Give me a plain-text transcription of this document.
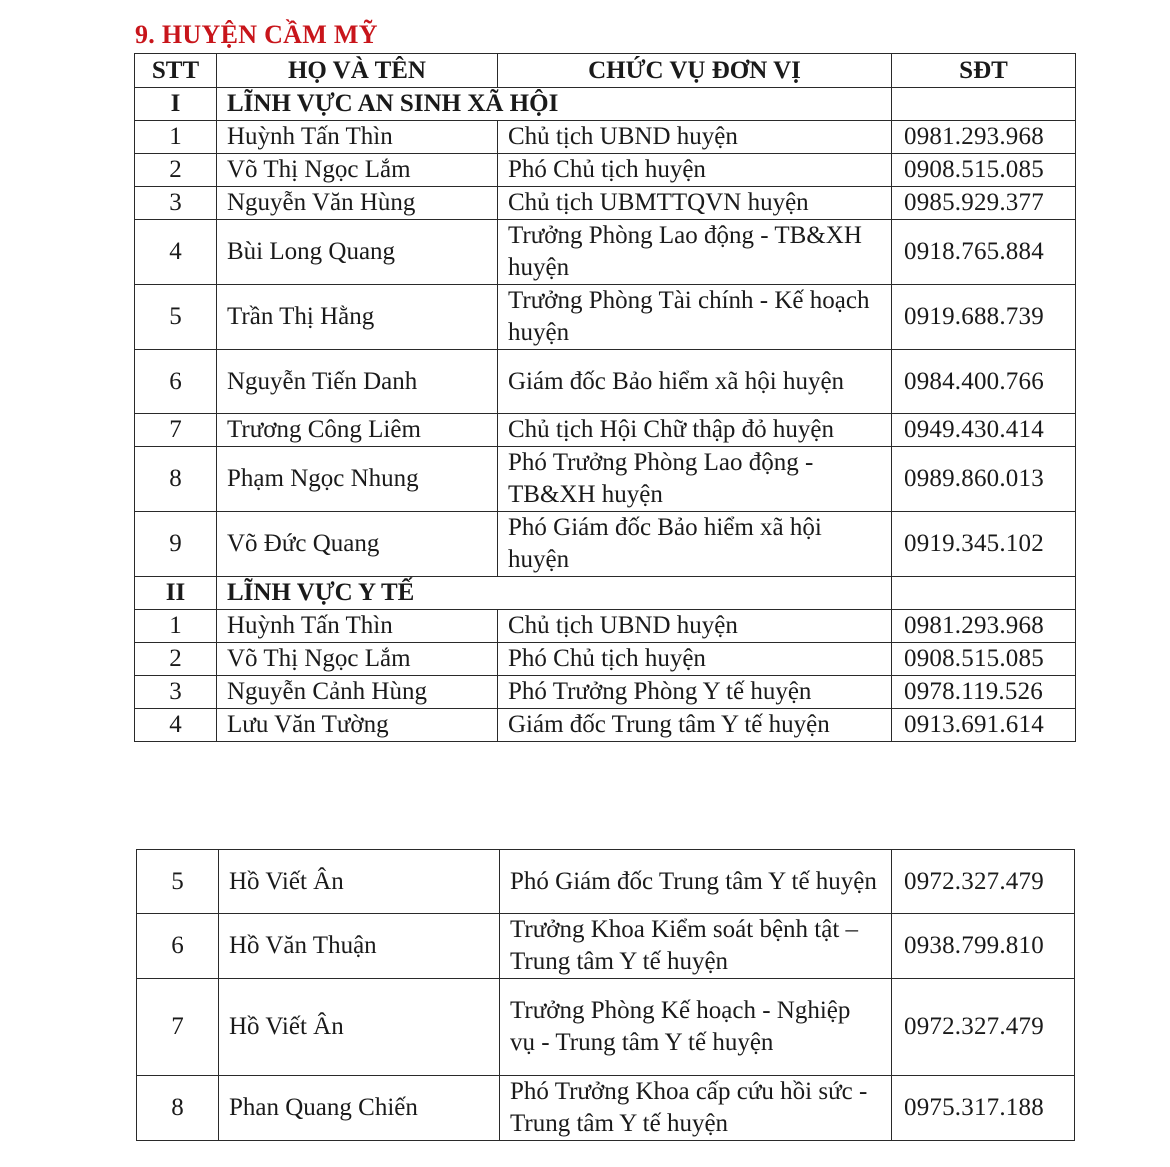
9. HUYỆN CẦM MỸ
STT	HỌ VÀ TÊN	CHỨC VỤ ĐƠN VỊ	SĐT
I	LĨNH VỰC AN SINH XÃ HỘI		
1	Huỳnh Tấn Thìn	Chủ tịch UBND huyện	0981.293.968
2	Võ Thị Ngọc Lắm	Phó Chủ tịch huyện	0908.515.085
3	Nguyễn Văn Hùng	Chủ tịch UBMTTQVN huyện	0985.929.377
4	Bùi Long Quang	Trưởng Phòng Lao động - TB&XH huyện	0918.765.884
5	Trần Thị Hằng	Trưởng Phòng Tài chính - Kế hoạch huyện	0919.688.739
6	Nguyễn Tiến Danh	Giám đốc Bảo hiểm xã hội huyện	0984.400.766
7	Trương Công Liêm	Chủ tịch Hội Chữ thập đỏ huyện	0949.430.414
8	Phạm Ngọc Nhung	Phó Trưởng Phòng Lao động - TB&XH huyện	0989.860.013
9	Võ Đức Quang	Phó Giám đốc Bảo hiểm xã hội huyện	0919.345.102
II	LĨNH VỰC Y TẾ		
1	Huỳnh Tấn Thìn	Chủ tịch UBND huyện	0981.293.968
2	Võ Thị Ngọc Lắm	Phó Chủ tịch huyện	0908.515.085
3	Nguyễn Cảnh Hùng	Phó Trưởng Phòng Y tế huyện	0978.119.526
4	Lưu Văn Tường	Giám đốc Trung tâm Y tế huyện	0913.691.614
5	Hồ Viết Ân	Phó Giám đốc Trung tâm Y tế huyện	0972.327.479
6	Hồ Văn Thuận	Trưởng Khoa Kiểm soát bệnh tật – Trung tâm Y tế huyện	0938.799.810
7	Hồ Viết Ân	Trưởng Phòng Kế hoạch - Nghiệp vụ - Trung tâm Y tế huyện	0972.327.479
8	Phan Quang Chiến	Phó Trưởng Khoa cấp cứu hồi sức - Trung tâm Y tế huyện	0975.317.188
